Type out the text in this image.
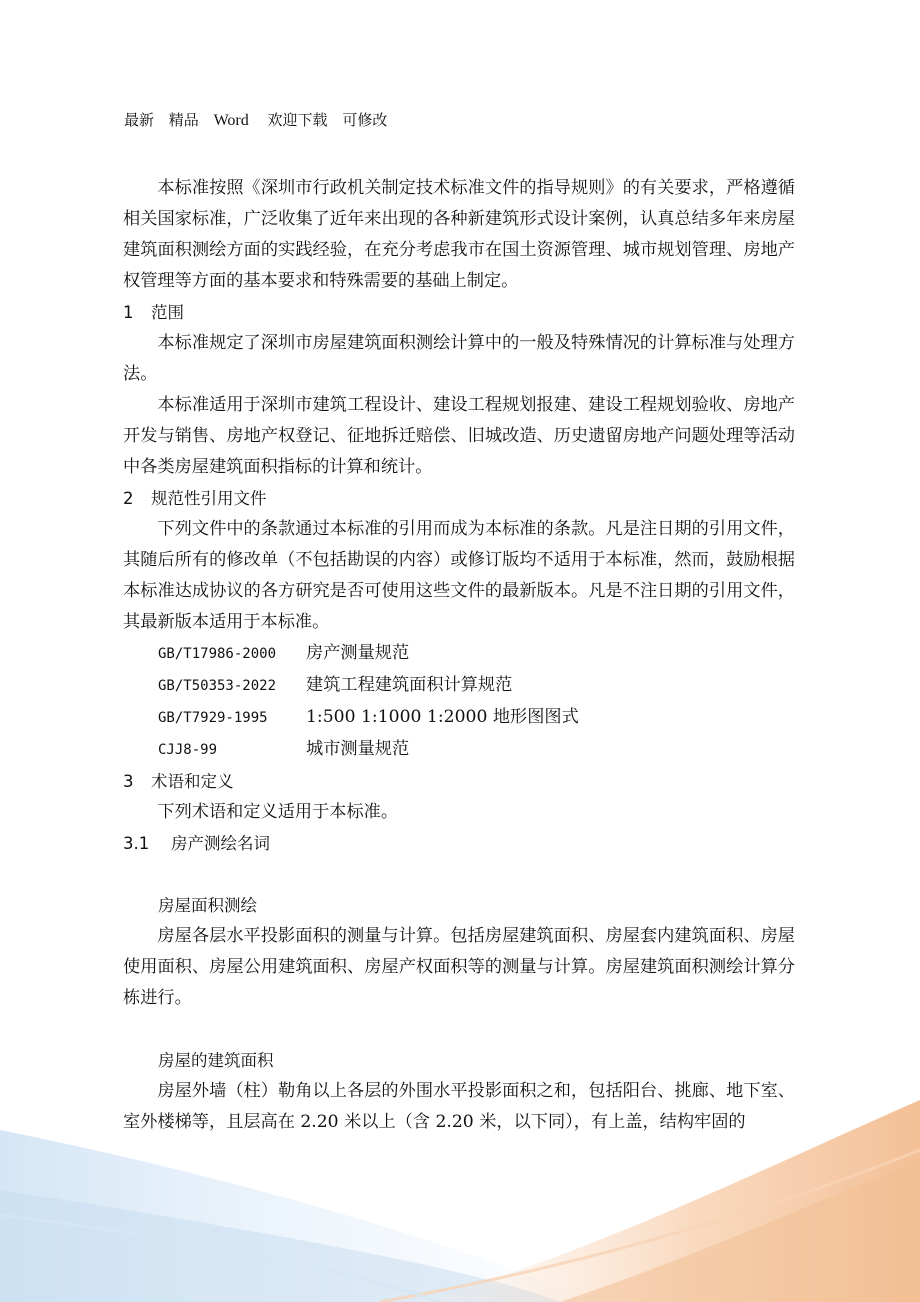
最新 精品 Word 欢迎下载 可修改

本标准按照《深圳市行政机关制定技术标准文件的指导规则》的有关要求，严格遵循相关国家标准，广泛收集了近年来出现的各种新建筑形式设计案例，认真总结多年来房屋建筑面积测绘方面的实践经验，在充分考虑我市在国土资源管理、城市规划管理、房地产权管理等方面的基本要求和特殊需要的基础上制定。

1 范围

本标准规定了深圳市房屋建筑面积测绘计算中的一般及特殊情况的计算标准与处理方法。

本标准适用于深圳市建筑工程设计、建设工程规划报建、建设工程规划验收、房地产开发与销售、房地产权登记、征地拆迁赔偿、旧城改造、历史遗留房地产问题处理等活动中各类房屋建筑面积指标的计算和统计。

2 规范性引用文件

下列文件中的条款通过本标准的引用而成为本标准的条款。凡是注日期的引用文件，其随后所有的修改单（不包括勘误的内容）或修订版均不适用于本标准，然而，鼓励根据本标准达成协议的各方研究是否可使用这些文件的最新版本。凡是不注日期的引用文件，其最新版本适用于本标准。

GB/T17986-2000 房产测量规范

GB/T50353-2022 建筑工程建筑面积计算规范

GB/T7929-1995 1:500 1:1000 1:2000 地形图图式

CJJ8-99	城市测量规范

3 术语和定义

下列术语和定义适用于本标准。

3.1 房产测绘名词

房屋面积测绘

房屋各层水平投影面积的测量与计算。包括房屋建筑面积、房屋套内建筑面积、房屋使用面积、房屋公用建筑面积、房屋产权面积等的测量与计算。房屋建筑面积测绘计算分栋进行。

房屋的建筑面积

房屋外墙（柱）勒角以上各层的外围水平投影面积之和，包括阳台、挑廊、地下室、室外楼梯等，且层高在 2.20 米以上（含 2.20 米，以下同），有上盖，结构牢固的
